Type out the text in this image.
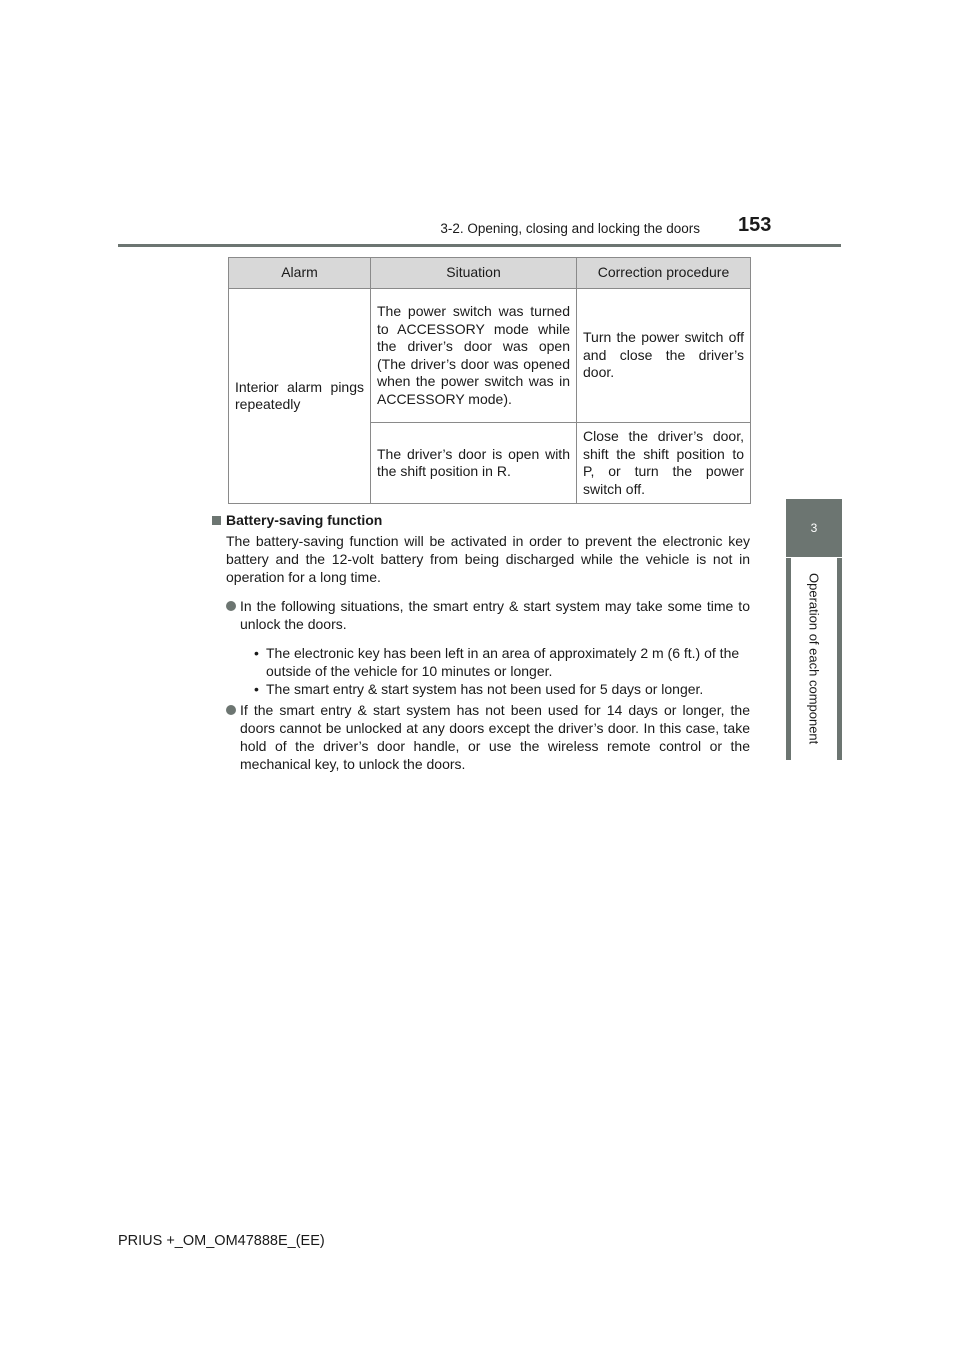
3-2. Opening, closing and locking the doors 153
3
Operation of each component
Alarm	Situation	Correction procedure
Interior alarm pings repeatedly	The power switch was turned to ACCESSORY mode while the driver’s door was open (The driver’s door was opened when the power switch was in ACCESSORY mode).	Turn the power switch off and close the driver’s door.
	The driver’s door is open with the shift position in R.	Close the driver’s door, shift the shift position to P, or turn the power switch off.
Battery-saving function
The battery-saving function will be activated in order to prevent the electronic key battery and the 12-volt battery from being discharged while the vehicle is not in operation for a long time.
In the following situations, the smart entry & start system may take some time to unlock the doors.
• The electronic key has been left in an area of approximately 2 m (6 ft.) of the outside of the vehicle for 10 minutes or longer.
• The smart entry & start system has not been used for 5 days or longer.
If the smart entry & start system has not been used for 14 days or longer, the doors cannot be unlocked at any doors except the driver’s door. In this case, take hold of the driver’s door handle, or use the wireless remote control or the mechanical key, to unlock the doors.
PRIUS +_OM_OM47888E_(EE)
